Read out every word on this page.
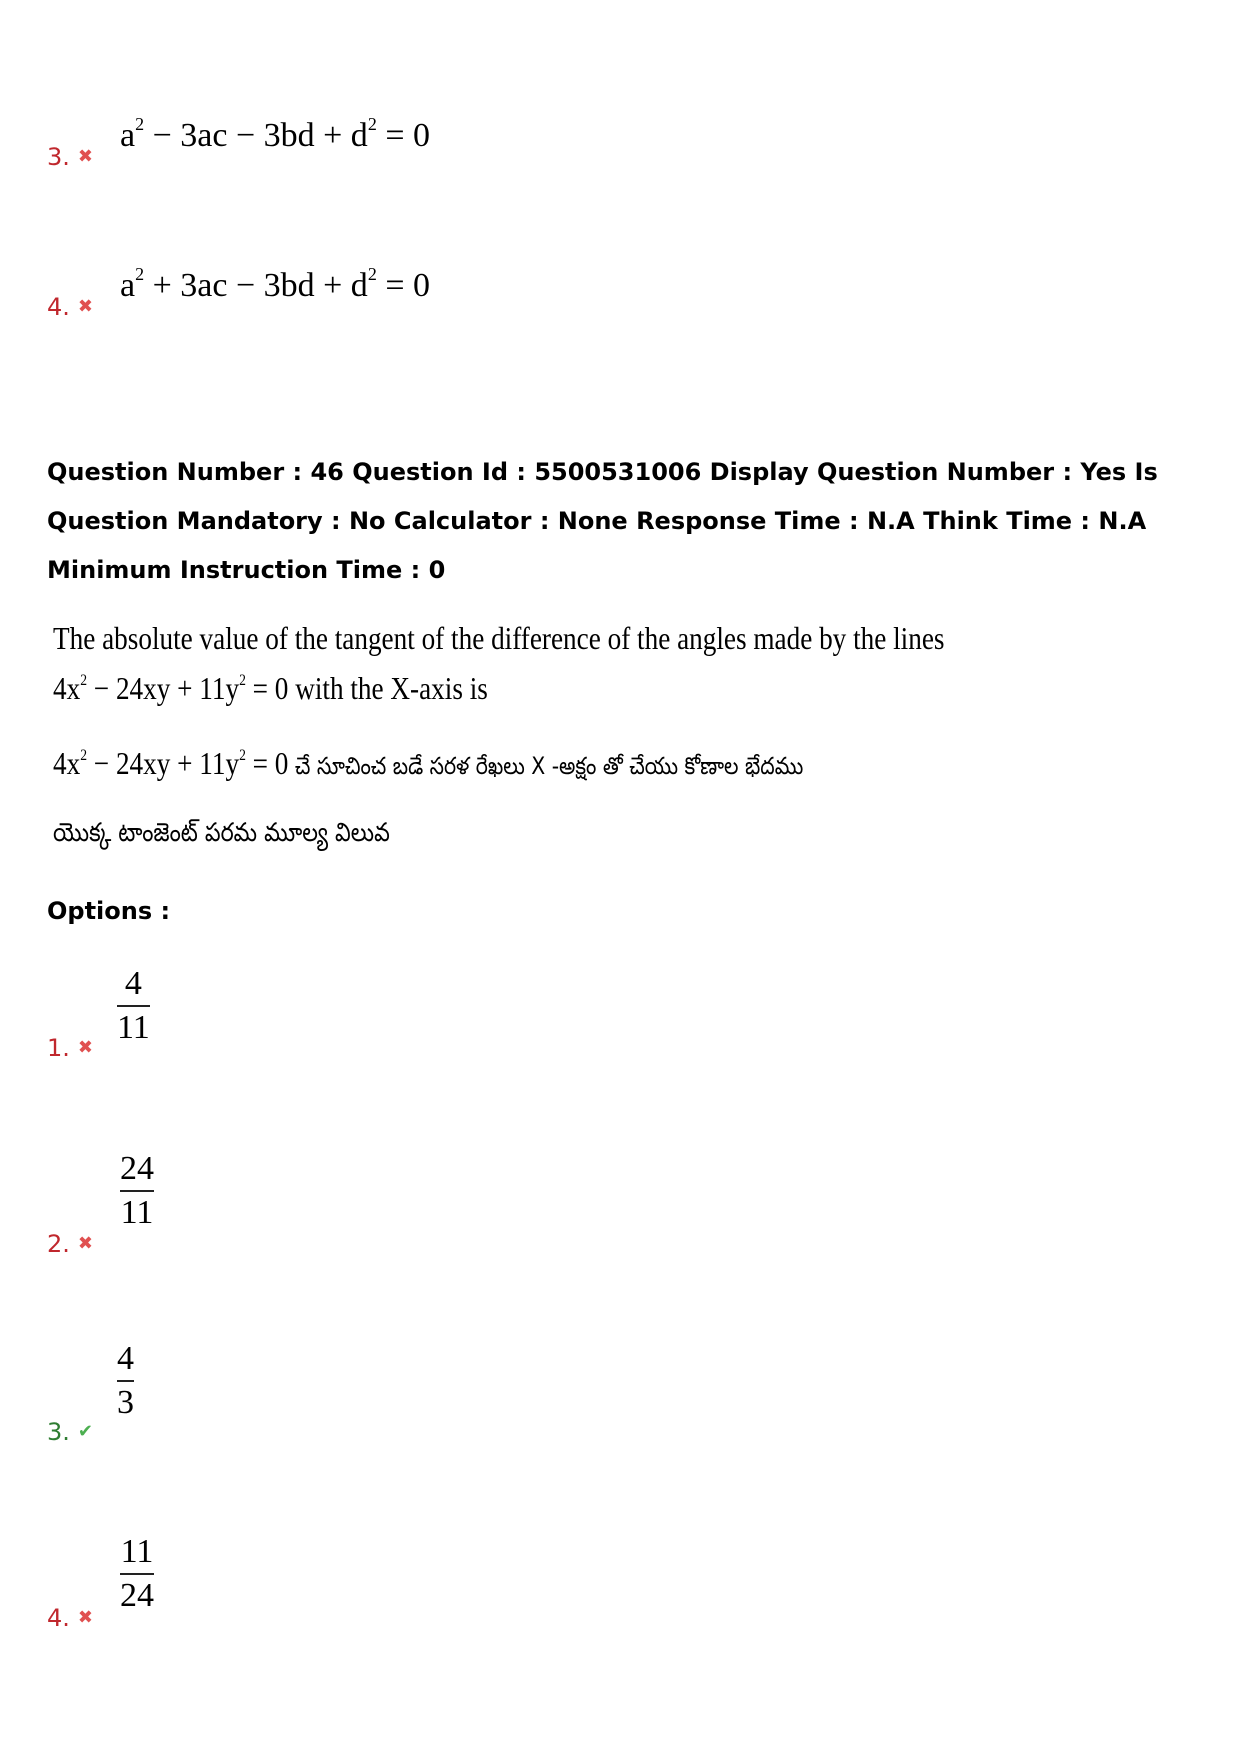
$a^2 - 3ac - 3bd + d^2 = 0$
3. ✖
$a^2 + 3ac - 3bd + d^2 = 0$
4. ✖
Question Number : 46 Question Id : 5500531006 Display Question Number : Yes Is Question Mandatory : No Calculator : None Response Time : N.A Think Time : N.A Minimum Instruction Time : 0
The absolute value of the tangent of the difference of the angles made by the lines
$4x^2 - 24xy + 11y^2 = 0$ with the X-axis is
$4x^2 - 24xy + 11y^2 = 0$ చే సూచించ బడే సరళ రేఖలు X -అక్షం తో చేయు కోణాల భేదము
యొక్క టాంజెంట్ పరమ మూల్య విలువ
Options :
4
11
1. ✖
24
11
2. ✖
4
3
3. ✔
11
24
4. ✖
